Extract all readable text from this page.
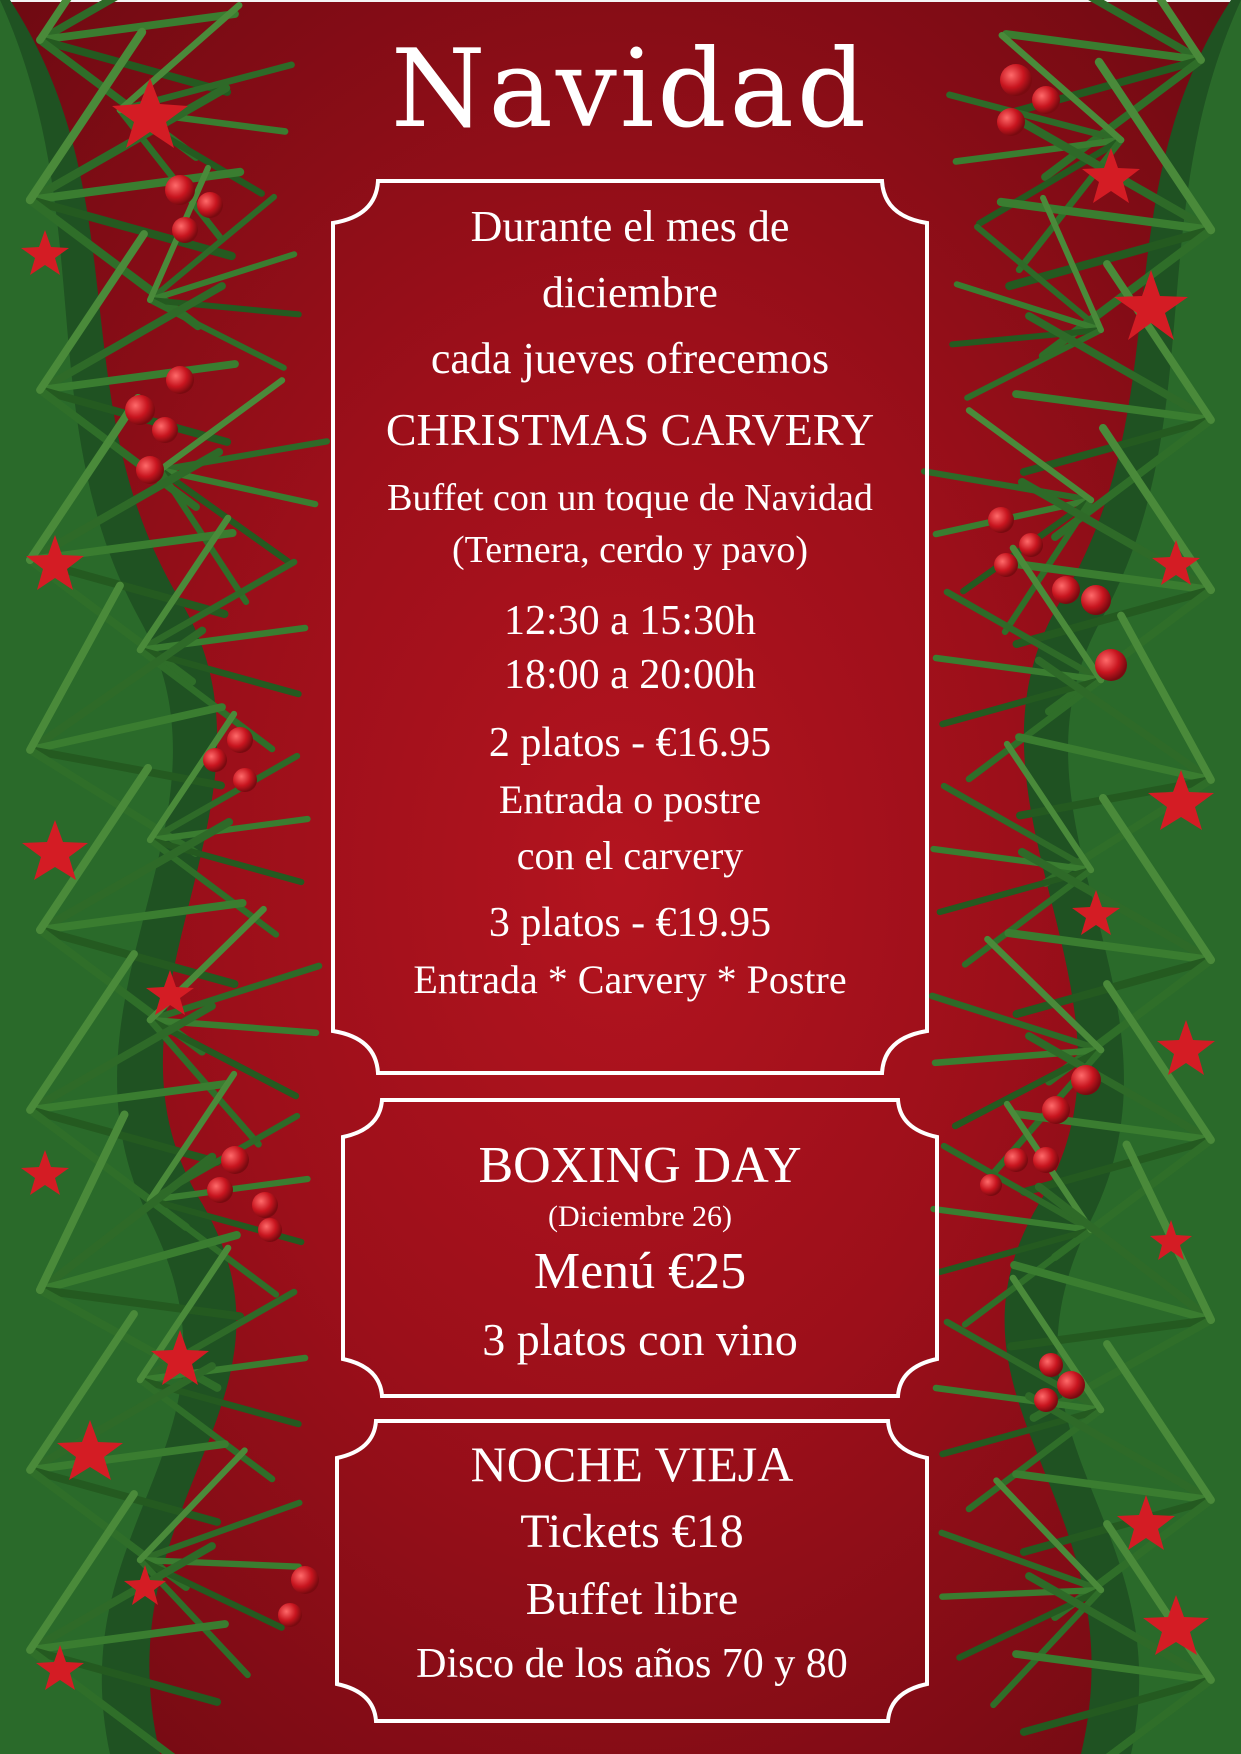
Navidad
Durante el mes de
diciembre
cada jueves ofrecemos
CHRISTMAS CARVERY
Buffet con un toque de Navidad
(Ternera, cerdo y pavo)
12:30 a 15:30h
18:00 a 20:00h
2 platos - €16.95
Entrada o postre
con el carvery
3 platos - €19.95
Entrada * Carvery * Postre
BOXING DAY
(Diciembre 26)
Menú €25
3 platos con vino
NOCHE VIEJA
Tickets €18
Buffet libre
Disco de los años 70 y 80
